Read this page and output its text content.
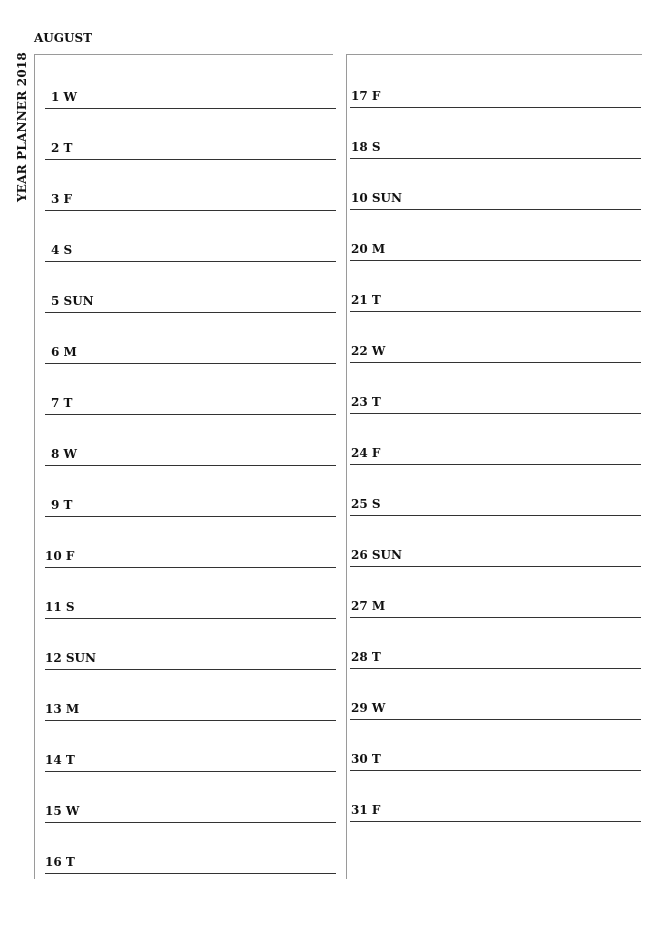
YEAR PLANNER 2018
AUGUST
1 W
2 T
3 F
4 S
5 SUN
6 M
7 T
8 W
9 T
10 F
11 S
12 SUN
13 M
14 T
15 W
16 T
17 F
18 S
10 SUN
20 M
21 T
22 W
23 T
24 F
25 S
26 SUN
27 M
28 T
29 W
30 T
31 F
